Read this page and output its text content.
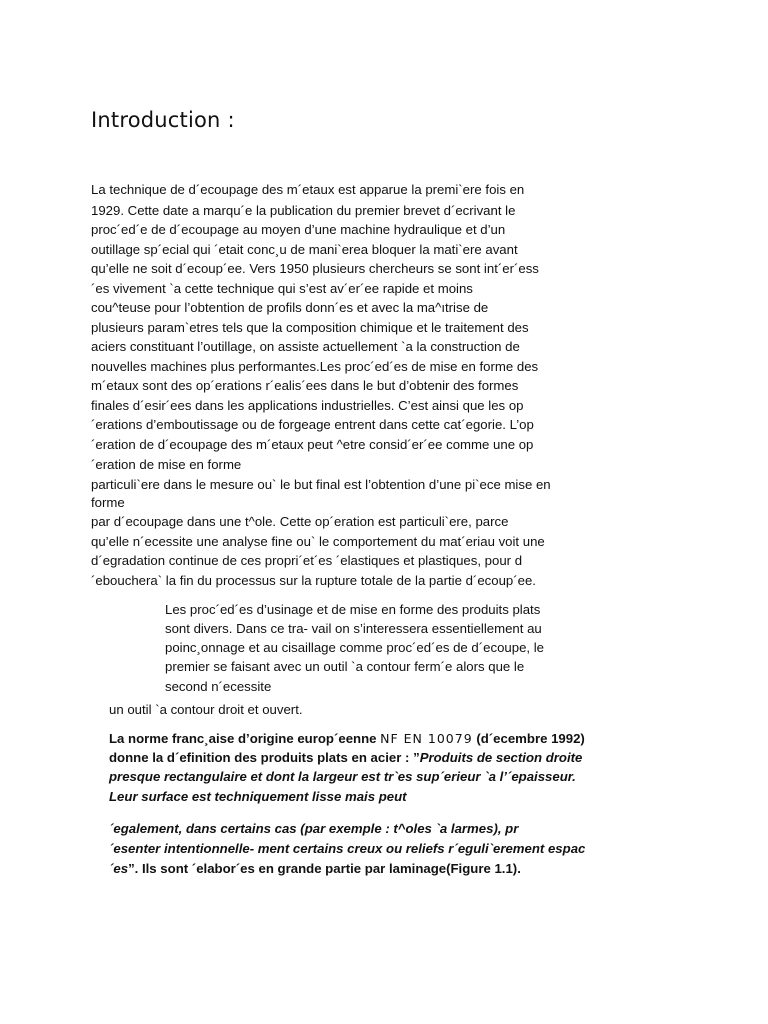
Introduction :

La technique de d´ecoupage des m´etaux est apparue la premi`ere fois en

1929. Cette date a marqu´e la publication du premier brevet d´ecrivant le

proc´ed´e de d´ecoupage au moyen d’une machine hydraulique et d’un

outillage sp´ecial qui ´etait conc¸u de mani`erea bloquer la mati`ere avant

qu’elle ne soit d´ecoup´ee. Vers 1950 plusieurs chercheurs se sont int´er´ess

´es vivement `a cette technique qui s’est av´er´ee rapide et moins

cou^teuse pour l’obtention de profils donn´es et avec la ma^ıtrise de

plusieurs param`etres tels que la composition chimique et le traitement des

aciers constituant l’outillage, on assiste actuellement `a la construction de

nouvelles machines plus performantes.Les proc´ed´es de mise en forme des

m´etaux sont des op´erations r´ealis´ees dans le but d’obtenir des formes

finales d´esir´ees dans les applications industrielles. C’est ainsi que les op

´erations d’emboutissage ou de forgeage entrent dans cette cat´egorie. L’op

´eration de d´ecoupage des m´etaux peut ^etre consid´er´ee comme une op

´eration de mise en forme

particuli`ere dans le mesure ou` le but final est l’obtention d’une pi`ece mise en

forme

par d´ecoupage dans une t^ole. Cette op´eration est particuli`ere, parce

qu’elle n´ecessite une analyse fine ou` le comportement du mat´eriau voit une

d´egradation continue de ces propri´et´es ´elastiques et plastiques, pour d

´ebouchera` la fin du processus sur la rupture totale de la partie d´ecoup´ee.

Les proc´ed´es d’usinage et de mise en forme des produits plats

sont divers. Dans ce tra- vail on s’interessera essentiellement au

poinc¸onnage et au cisaillage comme proc´ed´es de d´ecoupe, le

premier se faisant avec un outil `a contour ferm´e alors que le

second n´ecessite

un outil `a contour droit et ouvert.

La norme franc¸aise d’origine europ´eenne NF EN 10079 (d´ecembre 1992)

donne la d´efinition des produits plats en acier : ”Produits de section droite

presque rectangulaire et dont la largeur est tr`es sup´erieur `a l’´epaisseur.

Leur surface est techniquement lisse mais peut

´egalement, dans certains cas (par exemple : t^oles `a larmes), pr

´esenter intentionnelle- ment certains creux ou reliefs r´eguli`erement espac

´es”. Ils sont ´elabor´es en grande partie par laminage(Figure 1.1).
